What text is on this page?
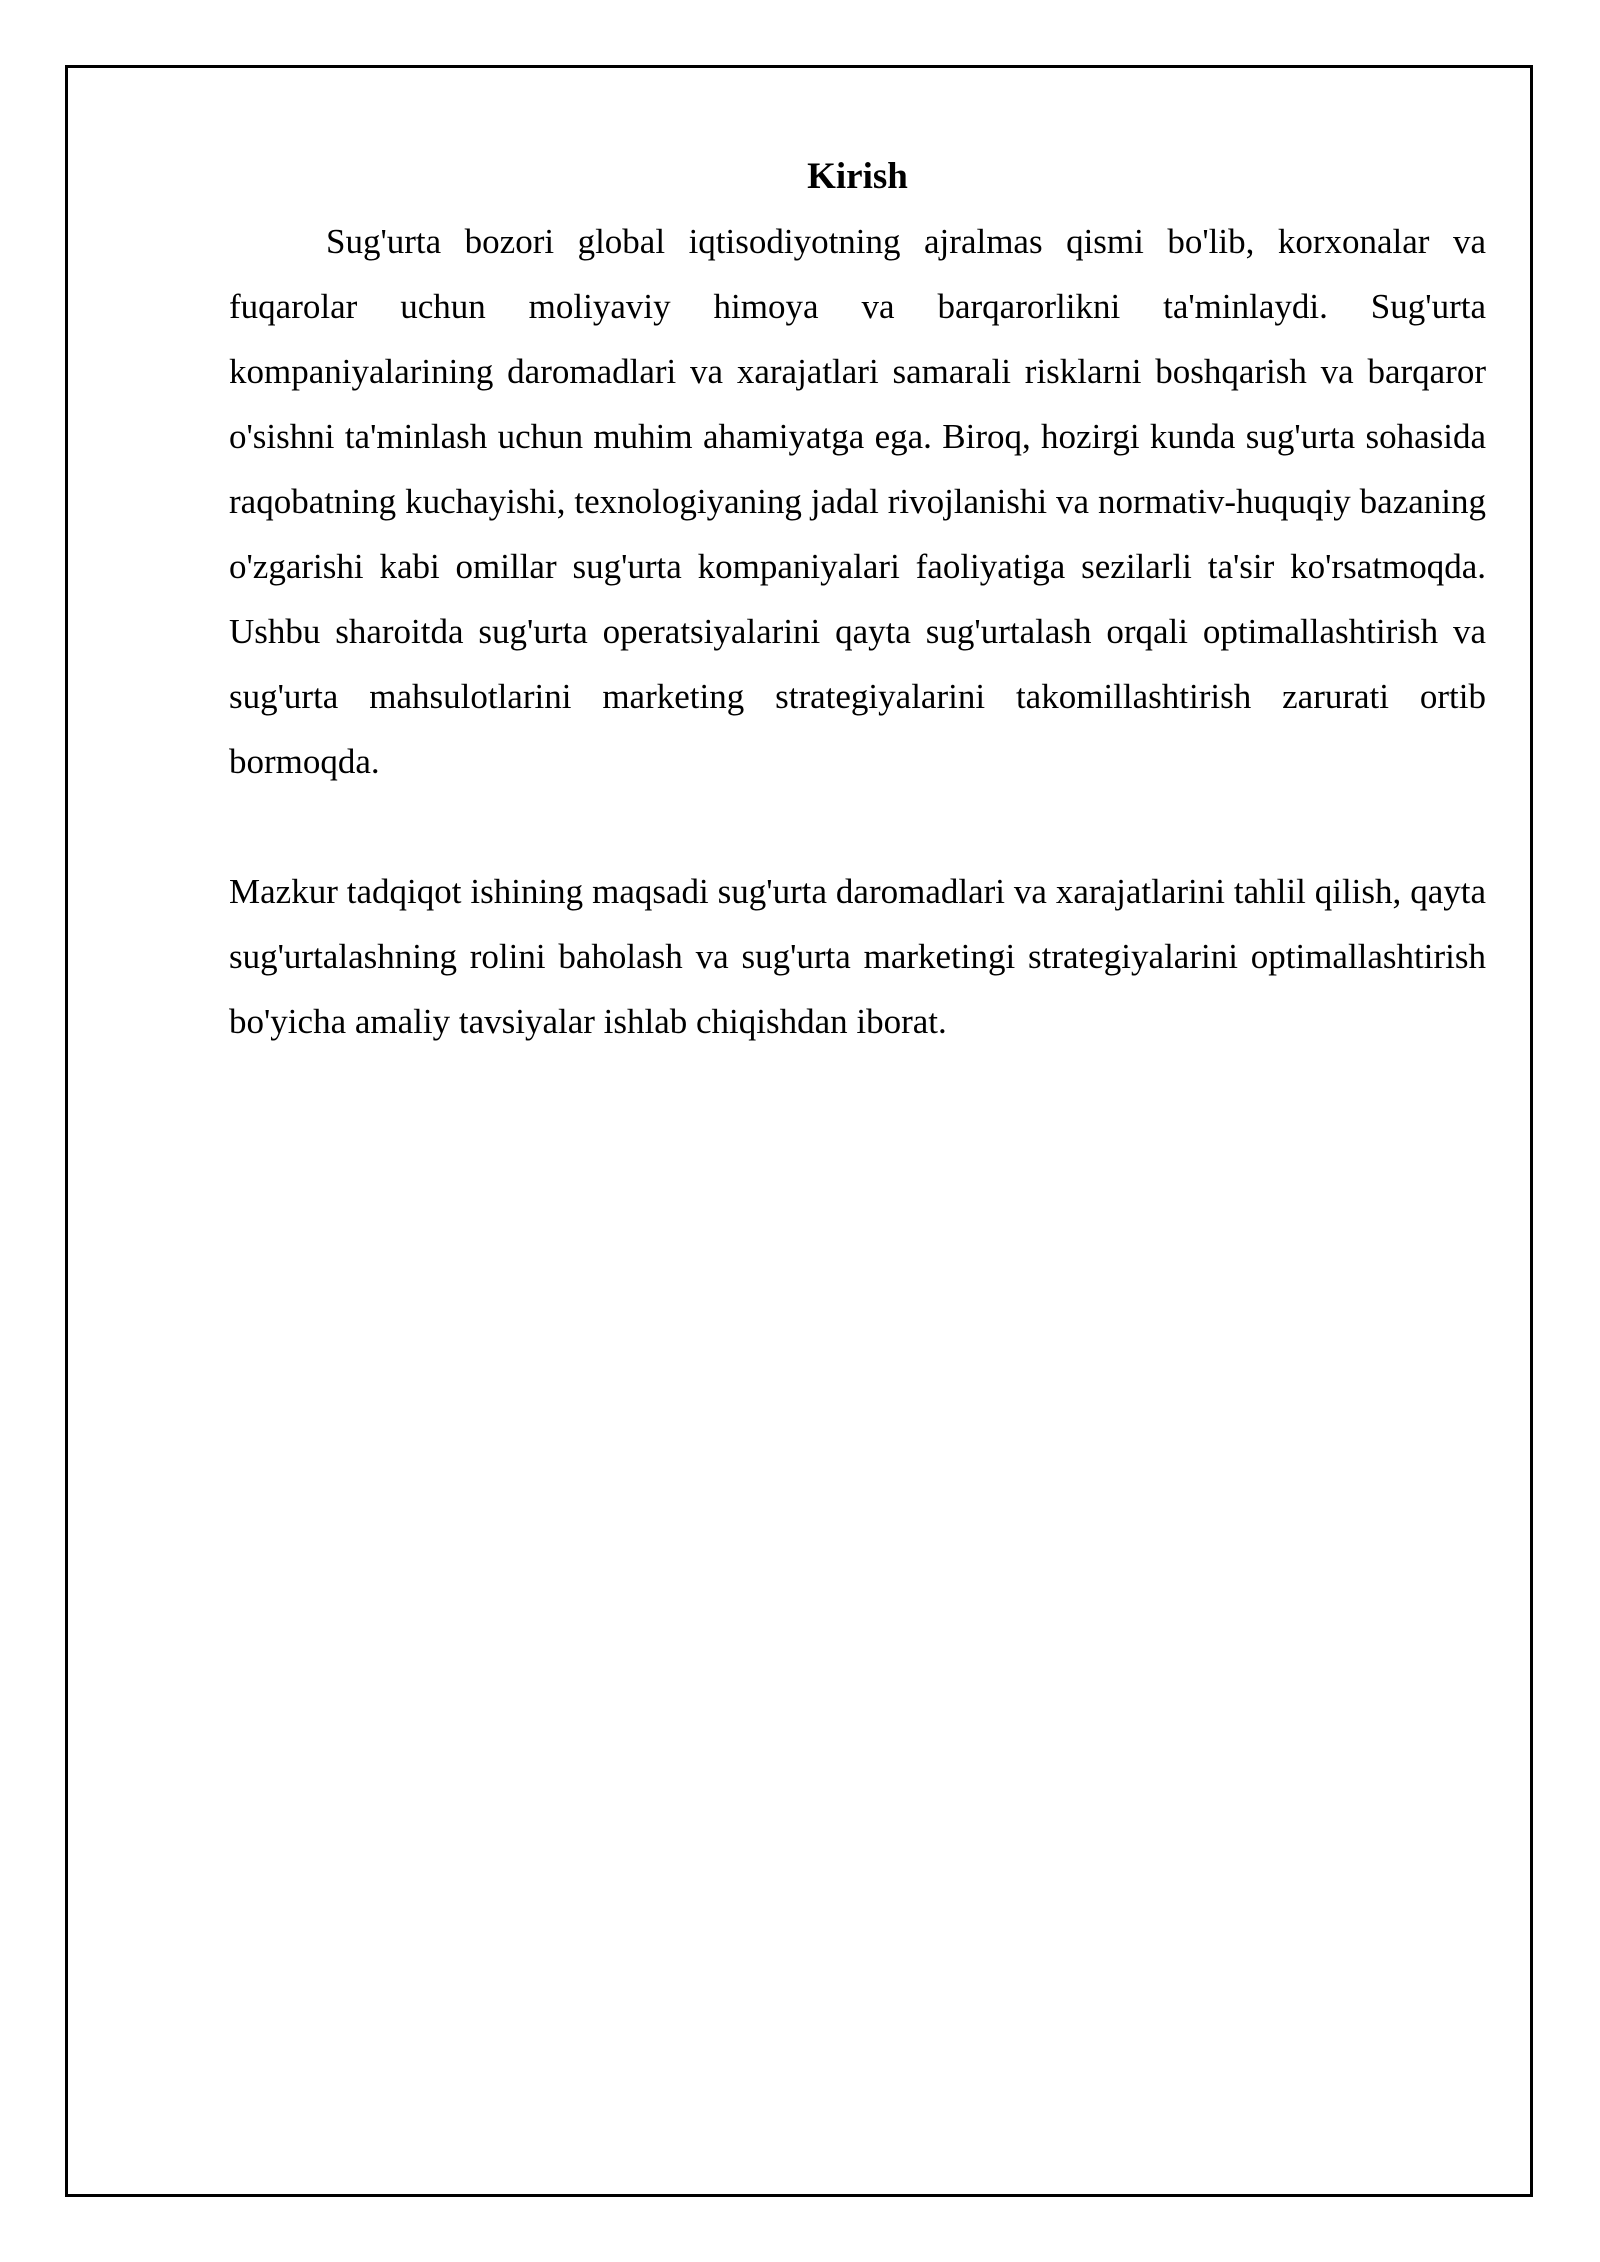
Kirish

Sug'urta bozori global iqtisodiyotning ajralmas qismi bo'lib, korxonalar va fuqarolar uchun moliyaviy himoya va barqarorlikni ta'minlaydi. Sug'urta kompaniyalarining daromadlari va xarajatlari samarali risklarni boshqarish va barqaror o'sishni ta'minlash uchun muhim ahamiyatga ega. Biroq, hozirgi kunda sug'urta sohasida raqobatning kuchayishi, texnologiyaning jadal rivojlanishi va normativ-huquqiy bazaning o'zgarishi kabi omillar sug'urta kompaniyalari faoliyatiga sezilarli ta'sir ko'rsatmoqda. Ushbu sharoitda sug'urta operatsiyalarini qayta sug'urtalash orqali optimallashtirish va sug'urta mahsulotlarini marketing strategiyalarini takomillashtirish zarurati ortib bormoqda.

Mazkur tadqiqot ishining maqsadi sug'urta daromadlari va xarajatlarini tahlil qilish, qayta sug'urtalashning rolini baholash va sug'urta marketingi strategiyalarini optimallashtirish bo'yicha amaliy tavsiyalar ishlab chiqishdan iborat.
